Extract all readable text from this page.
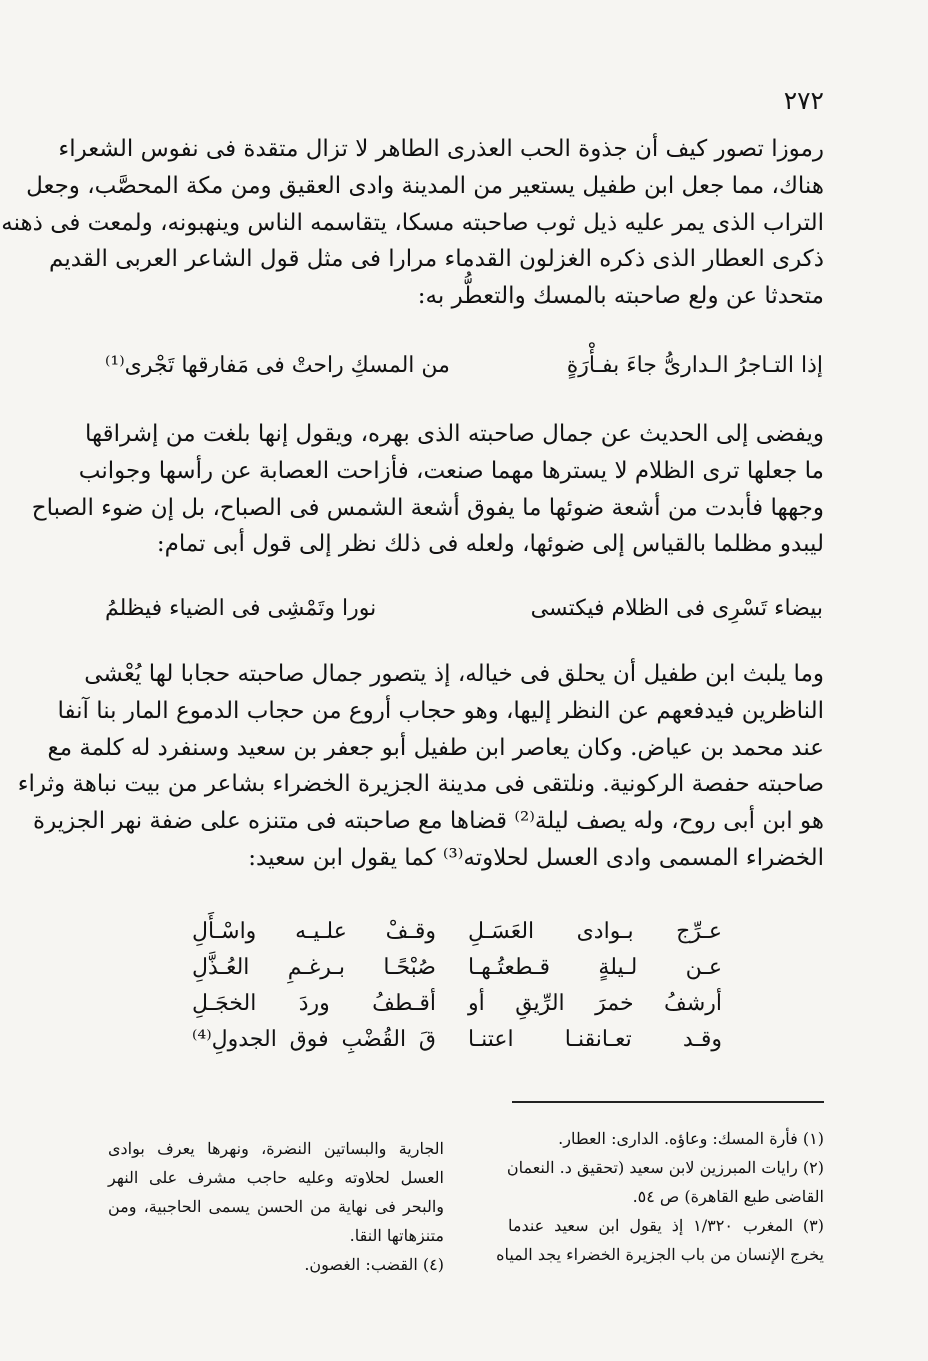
٢٧٢
رموزا تصور كيف أن جذوة الحب العذرى الطاهر لا تزال متقدة فى نفوس الشعراء
هناك، مما جعل ابن طفيل يستعير من المدينة وادى العقيق ومن مكة المحصَّب، وجعل
التراب الذى يمر عليه ذيل ثوب صاحبته مسكا، يتقاسمه الناس وينهبونه، ولمعت فى ذهنه
ذكرى العطار الذى ذكره الغزلون القدماء مرارا فى مثل قول الشاعر العربى القديم
متحدثا عن ولع صاحبته بالمسك والتعطُّر به:
إذا التـاجرُ الـدارىُّ جاءَ بفـأْرَةٍ
من المسكِ راحتْ فى مَفارقها تَجْرى⁽¹⁾
ويفضى إلى الحديث عن جمال صاحبته الذى بهره، ويقول إنها بلغت من إشراقها
ما جعلها ترى الظلام لا يسترها مهما صنعت، فأزاحت العصابة عن رأسها وجوانب
وجهها فأبدت من أشعة ضوئها ما يفوق أشعة الشمس فى الصباح، بل إن ضوء الصباح
ليبدو مظلما بالقياس إلى ضوئها، ولعله فى ذلك نظر إلى قول أبى تمام:
بيضاء تَسْرِى فى الظلام فيكتسى
نورا وتَمْشِى فى الضياء فيظلمُ
وما يلبث ابن طفيل أن يحلق فى خياله، إذ يتصور جمال صاحبته حجابا لها يُعْشى
الناظرين فيدفعهم عن النظر إليها، وهو حجاب أروع من حجاب الدموع المار بنا آنفا
عند محمد بن عياض. وكان يعاصر ابن طفيل أبو جعفر بن سعيد وسنفرد له كلمة مع
صاحبته حفصة الركونية. ونلتقى فى مدينة الجزيرة الخضراء بشاعر من بيت نباهة وثراء
هو ابن أبى روح، وله يصف ليلة⁽²⁾ قضاها مع صاحبته فى متنزه على ضفة نهر الجزيرة
الخضراء المسمى وادى العسل لحلاوته⁽³⁾ كما يقول ابن سعيد:
عـرِّج بـوادى العَسَـلِ
عـن لـيلةٍ قـطعتُـهـا
أرشفُ خمرَ الرِّيقِ أو
وقـد تعـانقنـا اعتنـا
وقـفْ علـيـه واسْـأَلِ
صُبْحًـا بـرغـمِ العُـذَّلِ
أقـطفُ وردَ الخجَـلِ
قَ القُضْبِ فوق الجدولِ⁽⁴⁾
(١) فأرة المسك: وعاؤه. الدارى: العطار.
(٢) رايات المبرزين لابن سعيد (تحقيق د. النعمان
القاضى طبع القاهرة) ص ٥٤.
(٣) المغرب ١/٣٢٠ إذ يقول ابن سعيد عندما
يخرج الإنسان من باب الجزيرة الخضراء يجد المياه
الجارية والبساتين النضرة، ونهرها يعرف بوادى
العسل لحلاوته وعليه حاجب مشرف على النهر
والبحر فى نهاية من الحسن يسمى الحاجبية، ومن
متنزهاتها النقا.
(٤) القضب: الغصون.
